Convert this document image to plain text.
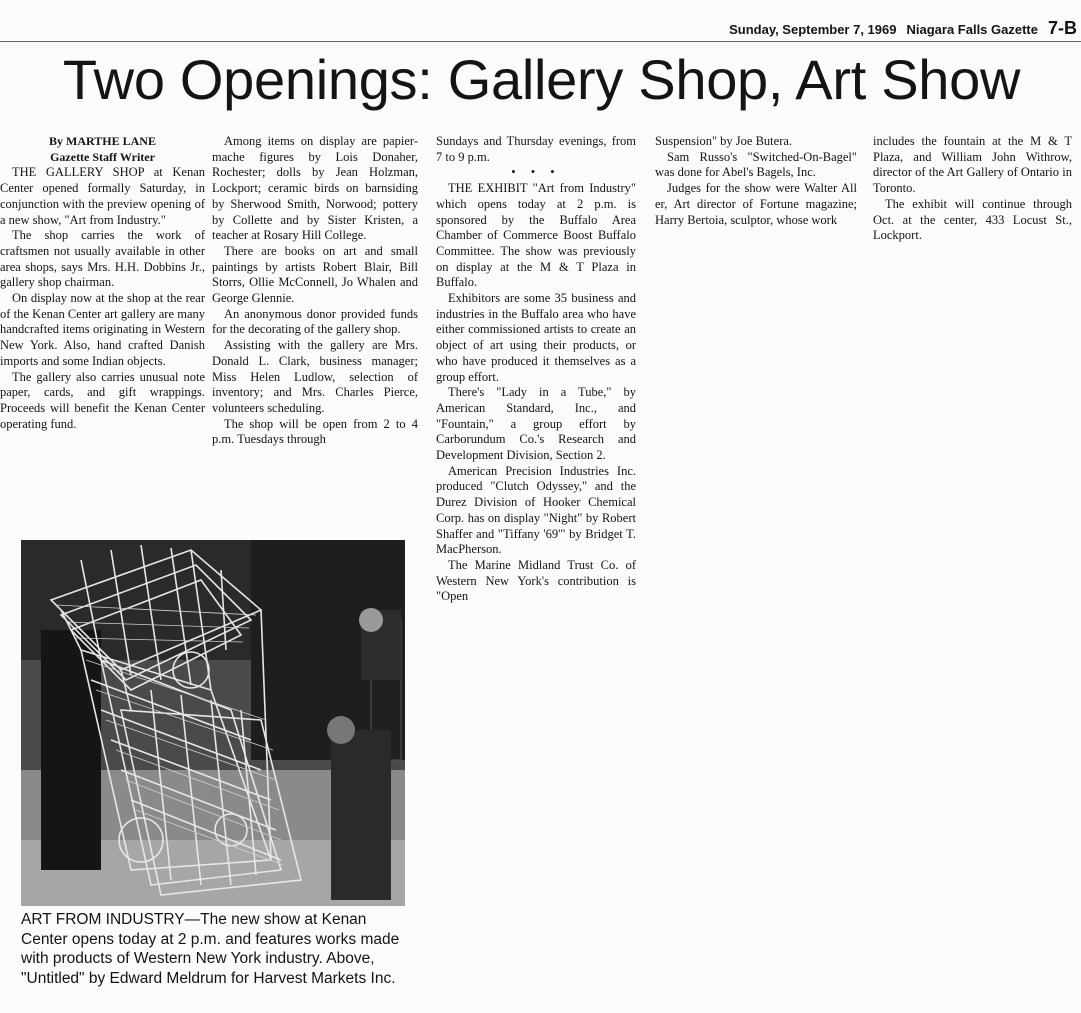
Sunday, September 7, 1969 Niagara Falls Gazette 7-B
Two Openings: Gallery Shop, Art Show

By MARTHE LANE

Gazette Staff Writer

THE GALLERY SHOP at Kenan Center opened formally Saturday, in conjunction with the preview opening of a new show, "Art from Industry."

The shop carries the work of craftsmen not usually available in other area shops, says Mrs. H.H. Dobbins Jr., gallery shop chairman.

On display now at the shop at the rear of the Kenan Center art gallery are many handcrafted items originating in Western New York. Also, hand crafted Danish imports and some Indian objects.

The gallery also carries unusual note paper, cards, and gift wrappings. Proceeds will benefit the Kenan Center operating fund.

Among items on display are papier-mache figures by Lois Donaher, Rochester; dolls by Jean Holzman, Lockport; ceramic birds on barnsiding by Sherwood Smith, Norwood; pottery by Collette and by Sister Kristen, a teacher at Rosary Hill College.

There are books on art and small paintings by artists Robert Blair, Bill Storrs, Ollie McConnell, Jo Whalen and George Glennie.

An anonymous donor provided funds for the decorating of the gallery shop.

Assisting with the gallery are Mrs. Donald L. Clark, business manager; Miss Helen Ludlow, selection of inventory; and Mrs. Charles Pierce, volunteers scheduling.

The shop will be open from 2 to 4 p.m. Tuesdays through

Sundays and Thursday evenings, from 7 to 9 p.m.

• • •

THE EXHIBIT "Art from Industry" which opens today at 2 p.m. is sponsored by the Buffalo Area Chamber of Commerce Boost Buffalo Committee. The show was previously on display at the M & T Plaza in Buffalo.

Exhibitors are some 35 business and industries in the Buffalo area who have either commissioned artists to create an object of art using their products, or who have produced it themselves as a group effort.

There's "Lady in a Tube," by American Standard, Inc., and "Fountain," a group effort by Carborundum Co.'s Research and Development Division, Section 2.

American Precision Industries Inc. produced "Clutch Odyssey," and the Durez Division of Hooker Chemical Corp. has on display "Night" by Robert Shaffer and "Tiffany '69'" by Bridget T. MacPherson.

The Marine Midland Trust Co. of Western New York's contribution is "Open

Suspension" by Joe Butera.

Sam Russo's "Switched-On-Bagel" was done for Abel's Bagels, Inc.

Judges for the show were Walter All er, Art director of Fortune magazine; Harry Bertoia, sculptor, whose work

includes the fountain at the M & T Plaza, and William John Withrow, director of the Art Gallery of Ontario in Toronto.

The exhibit will continue through Oct. at the center, 433 Locust St., Lockport.

ART FROM INDUSTRY—The new show at Kenan Center opens today at 2 p.m. and features works made with products of Western New York industry. Above, "Untitled" by Edward Meldrum for Harvest Markets Inc.
